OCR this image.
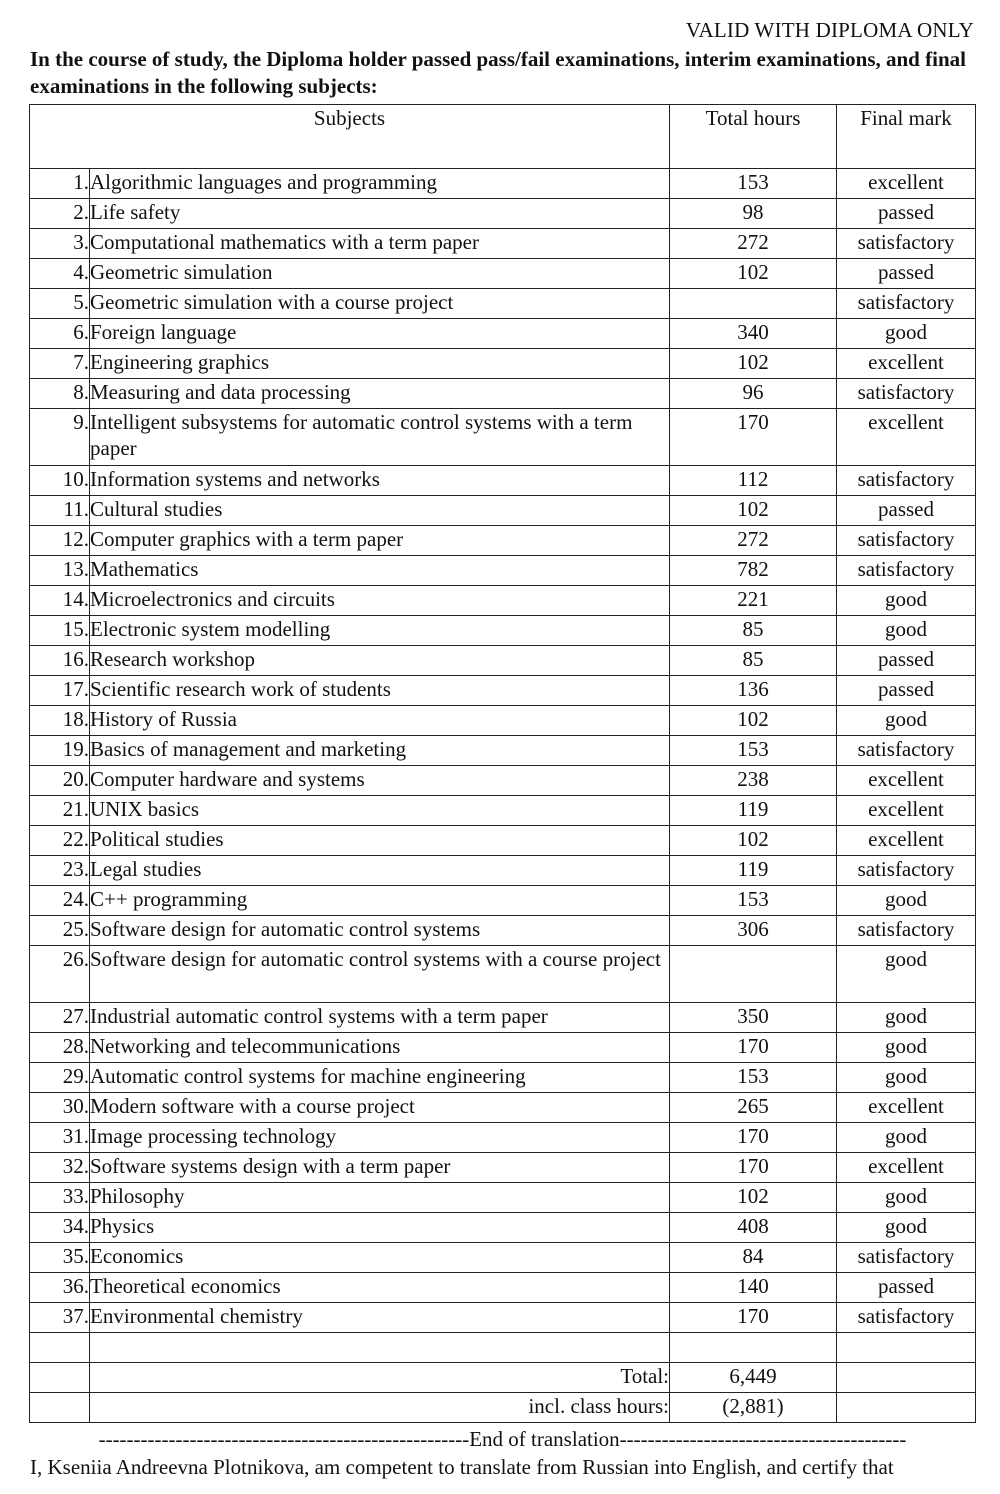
VALID WITH DIPLOMA ONLY
In the course of study, the Diploma holder passed pass/fail examinations, interim examinations, and final examinations in the following subjects:
Subjects		Total hours	Final mark
1.	Algorithmic languages and programming	153	excellent
2.	Life safety	98	passed
3.	Computational mathematics with a term paper	272	satisfactory
4.	Geometric simulation	102	passed
5.	Geometric simulation with a course project		satisfactory
6.	Foreign language	340	good
7.	Engineering graphics	102	excellent
8.	Measuring and data processing	96	satisfactory
9.	Intelligent subsystems for automatic control systems with a term paper	170	excellent
10.	Information systems and networks	112	satisfactory
11.	Cultural studies	102	passed
12.	Computer graphics with a term paper	272	satisfactory
13.	Mathematics	782	satisfactory
14.	Microelectronics and circuits	221	good
15.	Electronic system modelling	85	good
16.	Research workshop	85	passed
17.	Scientific research work of students	136	passed
18.	History of Russia	102	good
19.	Basics of management and marketing	153	satisfactory
20.	Computer hardware and systems	238	excellent
21.	UNIX basics	119	excellent
22.	Political studies	102	excellent
23.	Legal studies	119	satisfactory
24.	C++ programming	153	good
25.	Software design for automatic control systems	306	satisfactory
26.	Software design for automatic control systems with a course project		good
27.	Industrial automatic control systems with a term paper	350	good
28.	Networking and telecommunications	170	good
29.	Automatic control systems for machine engineering	153	good
30.	Modern software with a course project	265	excellent
31.	Image processing technology	170	good
32.	Software systems design with a term paper	170	excellent
33.	Philosophy	102	good
34.	Physics	408	good
35.	Economics	84	satisfactory
36.	Theoretical economics	140	passed
37.	Environmental chemistry	170	satisfactory

	Total:	6,449	
	incl. class hours:	(2,881)	
-----------------------------------------------------End of translation-----------------------------------------
I, Kseniia Andreevna Plotnikova, am competent to translate from Russian into English, and certify that
